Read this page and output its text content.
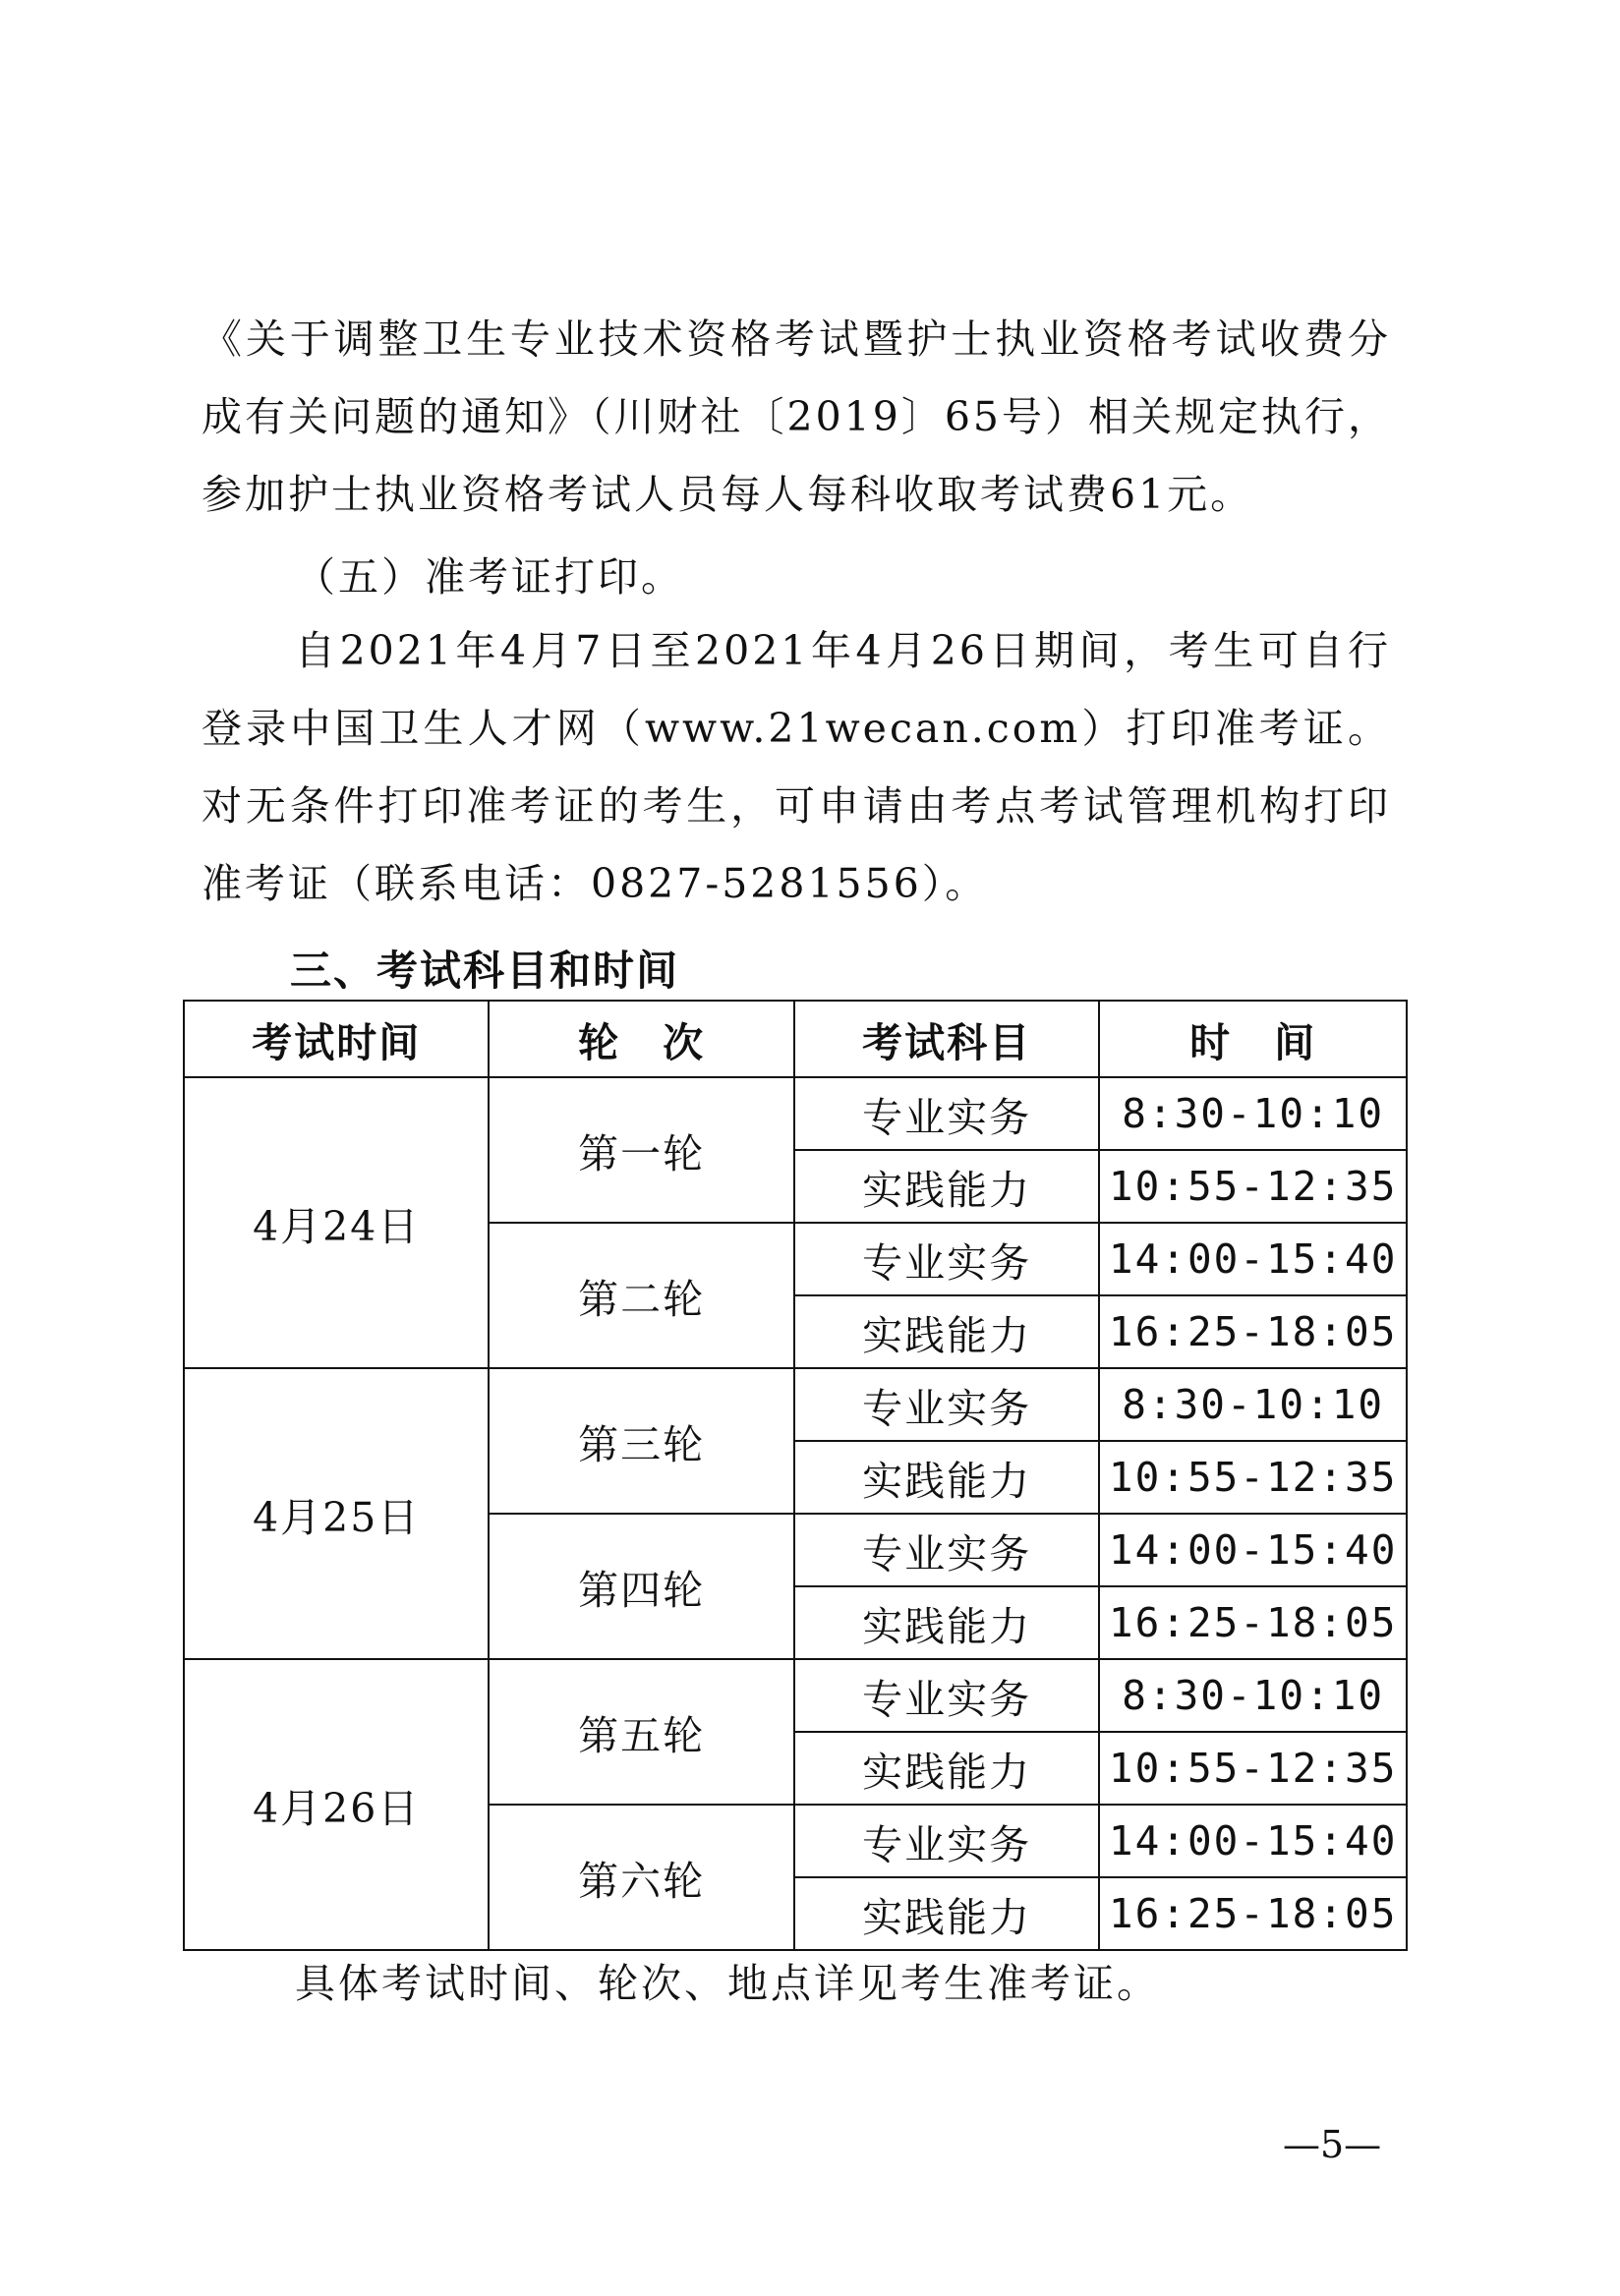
《关于调整卫生专业技术资格考试暨护士执业资格考试收费分成有关问题的通知》（川财社〔2019〕65号）相关规定执行，参加护士执业资格考试人员每人每科收取考试费61元。

（五）准考证打印。

自2021年4月7日至2021年4月26日期间，考生可自行登录中国卫生人才网（www.21wecan.com）打印准考证。对无条件打印准考证的考生，可申请由考点考试管理机构打印准考证（联系电话：0827-5281556）。

三、考试科目和时间
考试时间	轮　次	考试科目	时　间
4月24日	第一轮	专业实务	8:30-10:10
		实践能力	10:55-12:35
	第二轮	专业实务	14:00-15:40
		实践能力	16:25-18:05
4月25日	第三轮	专业实务	8:30-10:10
		实践能力	10:55-12:35
	第四轮	专业实务	14:00-15:40
		实践能力	16:25-18:05
4月26日	第五轮	专业实务	8:30-10:10
		实践能力	10:55-12:35
	第六轮	专业实务	14:00-15:40
		实践能力	16:25-18:05

具体考试时间、轮次、地点详见考生准考证。

—5—
